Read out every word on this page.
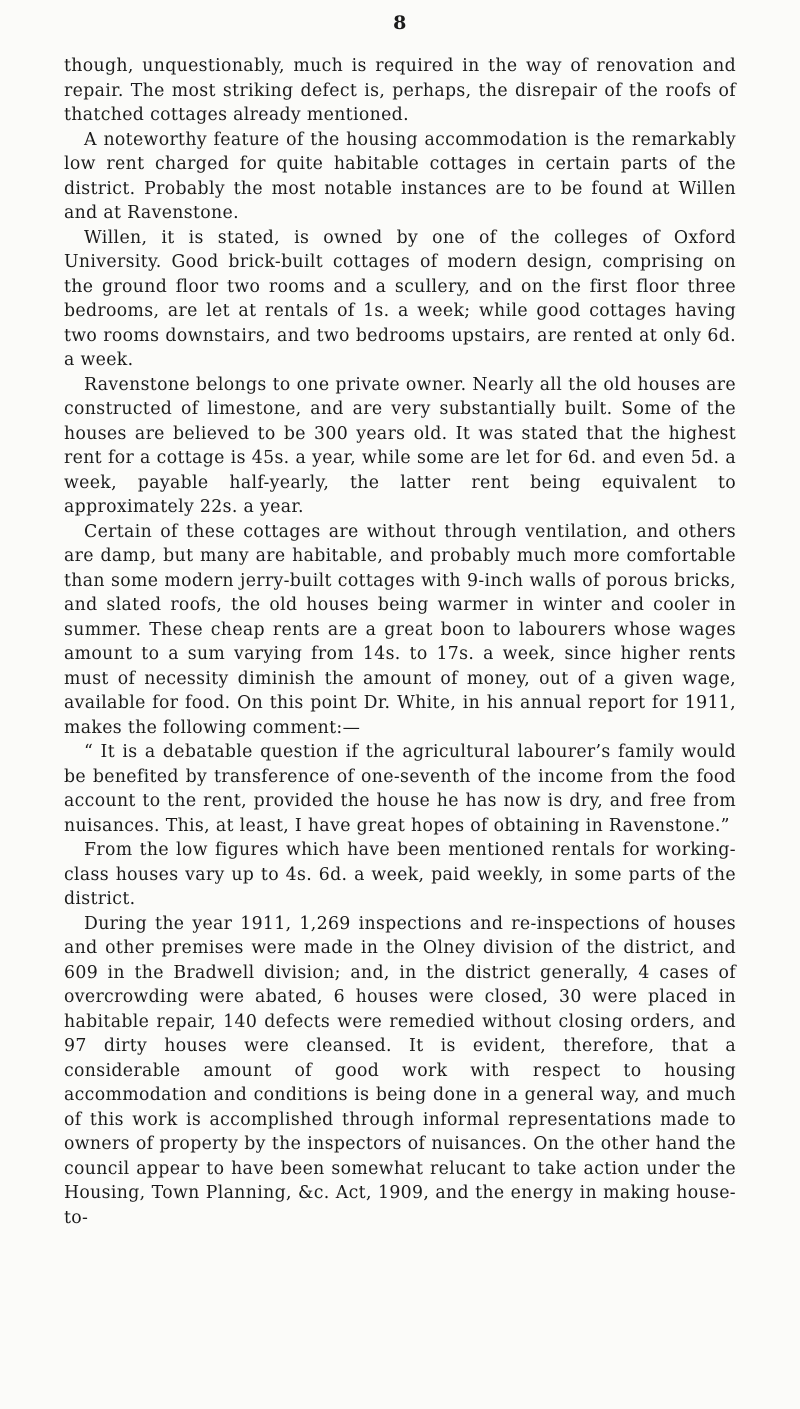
8

though, unquestionably, much is required in the way of renovation and repair. The most striking defect is, perhaps, the disrepair of the roofs of thatched cottages already mentioned.

A noteworthy feature of the housing accommodation is the remarkably low rent charged for quite habitable cottages in certain parts of the district. Probably the most notable instances are to be found at Willen and at Ravenstone.

Willen, it is stated, is owned by one of the colleges of Oxford University. Good brick-built cottages of modern design, comprising on the ground floor two rooms and a scullery, and on the first floor three bedrooms, are let at rentals of 1s. a week; while good cottages having two rooms downstairs, and two bedrooms upstairs, are rented at only 6d. a week.

Ravenstone belongs to one private owner. Nearly all the old houses are constructed of limestone, and are very substantially built. Some of the houses are believed to be 300 years old. It was stated that the highest rent for a cottage is 45s. a year, while some are let for 6d. and even 5d. a week, payable half-yearly, the latter rent being equivalent to approximately 22s. a year.

Certain of these cottages are without through ventilation, and others are damp, but many are habitable, and probably much more comfortable than some modern jerry-built cottages with 9-inch walls of porous bricks, and slated roofs, the old houses being warmer in winter and cooler in summer. These cheap rents are a great boon to labourers whose wages amount to a sum varying from 14s. to 17s. a week, since higher rents must of necessity diminish the amount of money, out of a given wage, available for food. On this point Dr. White, in his annual report for 1911, makes the following comment:—

“ It is a debatable question if the agricultural labourer’s family would be benefited by transference of one-seventh of the income from the food account to the rent, provided the house he has now is dry, and free from nuisances. This, at least, I have great hopes of obtaining in Ravenstone.”

From the low figures which have been mentioned rentals for working-class houses vary up to 4s. 6d. a week, paid weekly, in some parts of the district.

During the year 1911, 1,269 inspections and re-inspections of houses and other premises were made in the Olney division of the district, and 609 in the Bradwell division; and, in the district generally, 4 cases of overcrowding were abated, 6 houses were closed, 30 were placed in habitable repair, 140 defects were remedied without closing orders, and 97 dirty houses were cleansed. It is evident, therefore, that a considerable amount of good work with respect to housing accommodation and conditions is being done in a general way, and much of this work is accomplished through informal representations made to owners of property by the inspectors of nuisances. On the other hand the council appear to have been somewhat relucant to take action under the Housing, Town Planning, &c. Act, 1909, and the energy in making house-to-
